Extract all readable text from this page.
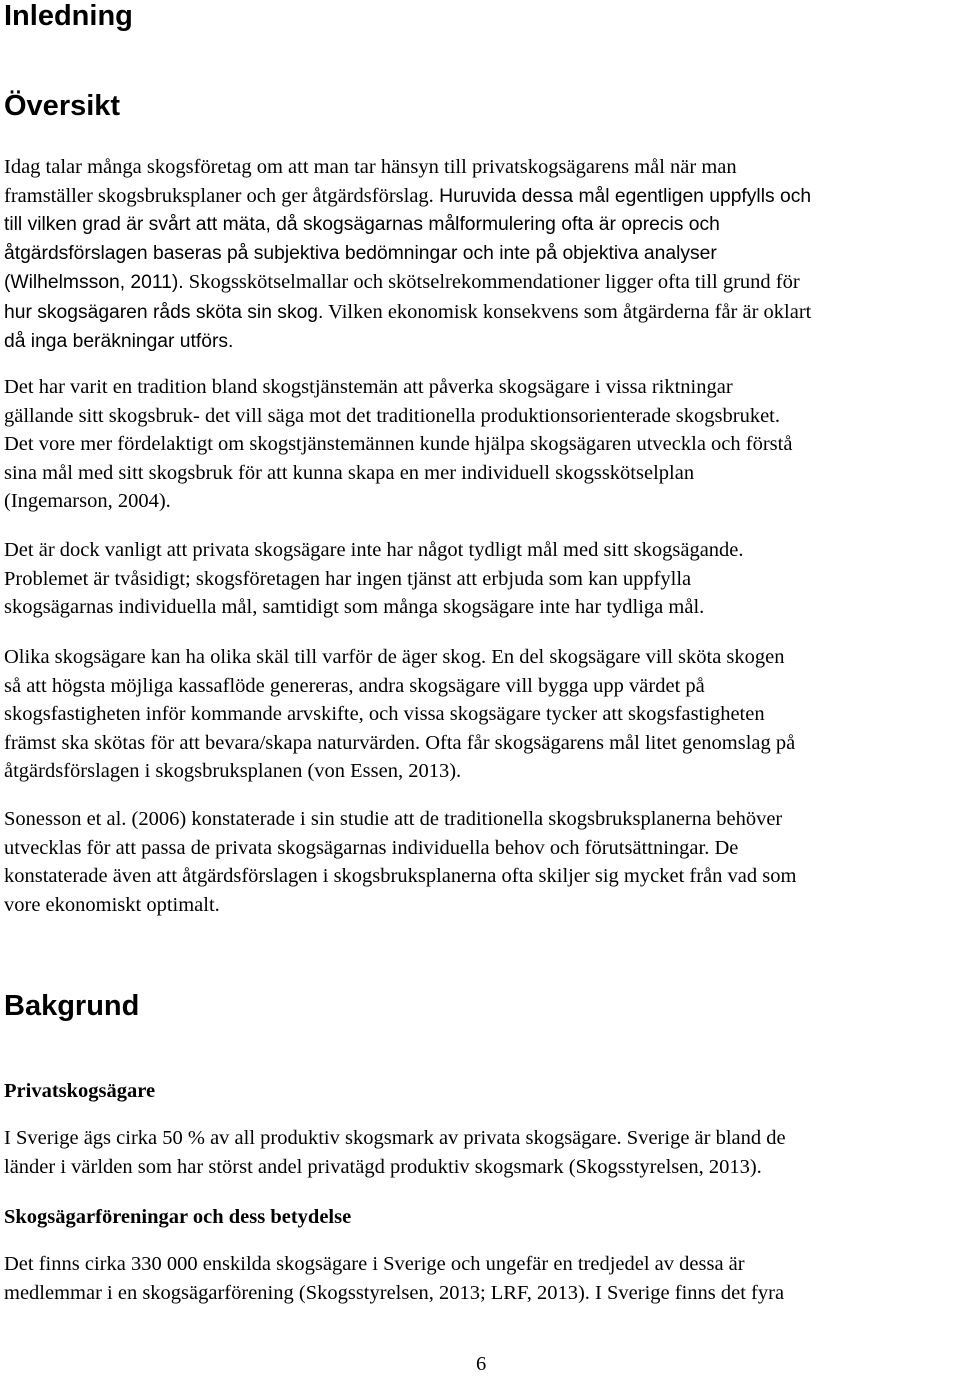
Inledning
Översikt

Idag talar många skogsföretag om att man tar hänsyn till privatskogsägarens mål när man
framställer skogsbruksplaner och ger åtgärdsförslag. Huruvida dessa mål egentligen uppfylls och
till vilken grad är svårt att mäta, då skogsägarnas målformulering ofta är oprecis och
åtgärdsförslagen baseras på subjektiva bedömningar och inte på objektiva analyser
(Wilhelmsson, 2011). Skogsskötselmallar och skötselrekommendationer ligger ofta till grund för
hur skogsägaren råds sköta sin skog. Vilken ekonomisk konsekvens som åtgärderna får är oklart
då inga beräkningar utförs.

Det har varit en tradition bland skogstjänstemän att påverka skogsägare i vissa riktningar
gällande sitt skogsbruk- det vill säga mot det traditionella produktionsorienterade skogsbruket.
Det vore mer fördelaktigt om skogstjänstemännen kunde hjälpa skogsägaren utveckla och förstå
sina mål med sitt skogsbruk för att kunna skapa en mer individuell skogsskötselplan
(Ingemarson, 2004).

Det är dock vanligt att privata skogsägare inte har något tydligt mål med sitt skogsägande.
Problemet är tvåsidigt; skogsföretagen har ingen tjänst att erbjuda som kan uppfylla
skogsägarnas individuella mål, samtidigt som många skogsägare inte har tydliga mål.

Olika skogsägare kan ha olika skäl till varför de äger skog. En del skogsägare vill sköta skogen
så att högsta möjliga kassaflöde genereras, andra skogsägare vill bygga upp värdet på
skogsfastigheten inför kommande arvskifte, och vissa skogsägare tycker att skogsfastigheten
främst ska skötas för att bevara/skapa naturvärden. Ofta får skogsägarens mål litet genomslag på
åtgärdsförslagen i skogsbruksplanen (von Essen, 2013).

Sonesson et al. (2006) konstaterade i sin studie att de traditionella skogsbruksplanerna behöver
utvecklas för att passa de privata skogsägarnas individuella behov och förutsättningar. De
konstaterade även att åtgärdsförslagen i skogsbruksplanerna ofta skiljer sig mycket från vad som
vore ekonomiskt optimalt.

Bakgrund
Privatskogsägare

I Sverige ägs cirka 50 % av all produktiv skogsmark av privata skogsägare. Sverige är bland de
länder i världen som har störst andel privatägd produktiv skogsmark (Skogsstyrelsen, 2013).

Skogsägarföreningar och dess betydelse

Det finns cirka 330 000 enskilda skogsägare i Sverige och ungefär en tredjedel av dessa är
medlemmar i en skogsägarförening (Skogsstyrelsen, 2013; LRF, 2013). I Sverige finns det fyra

6
